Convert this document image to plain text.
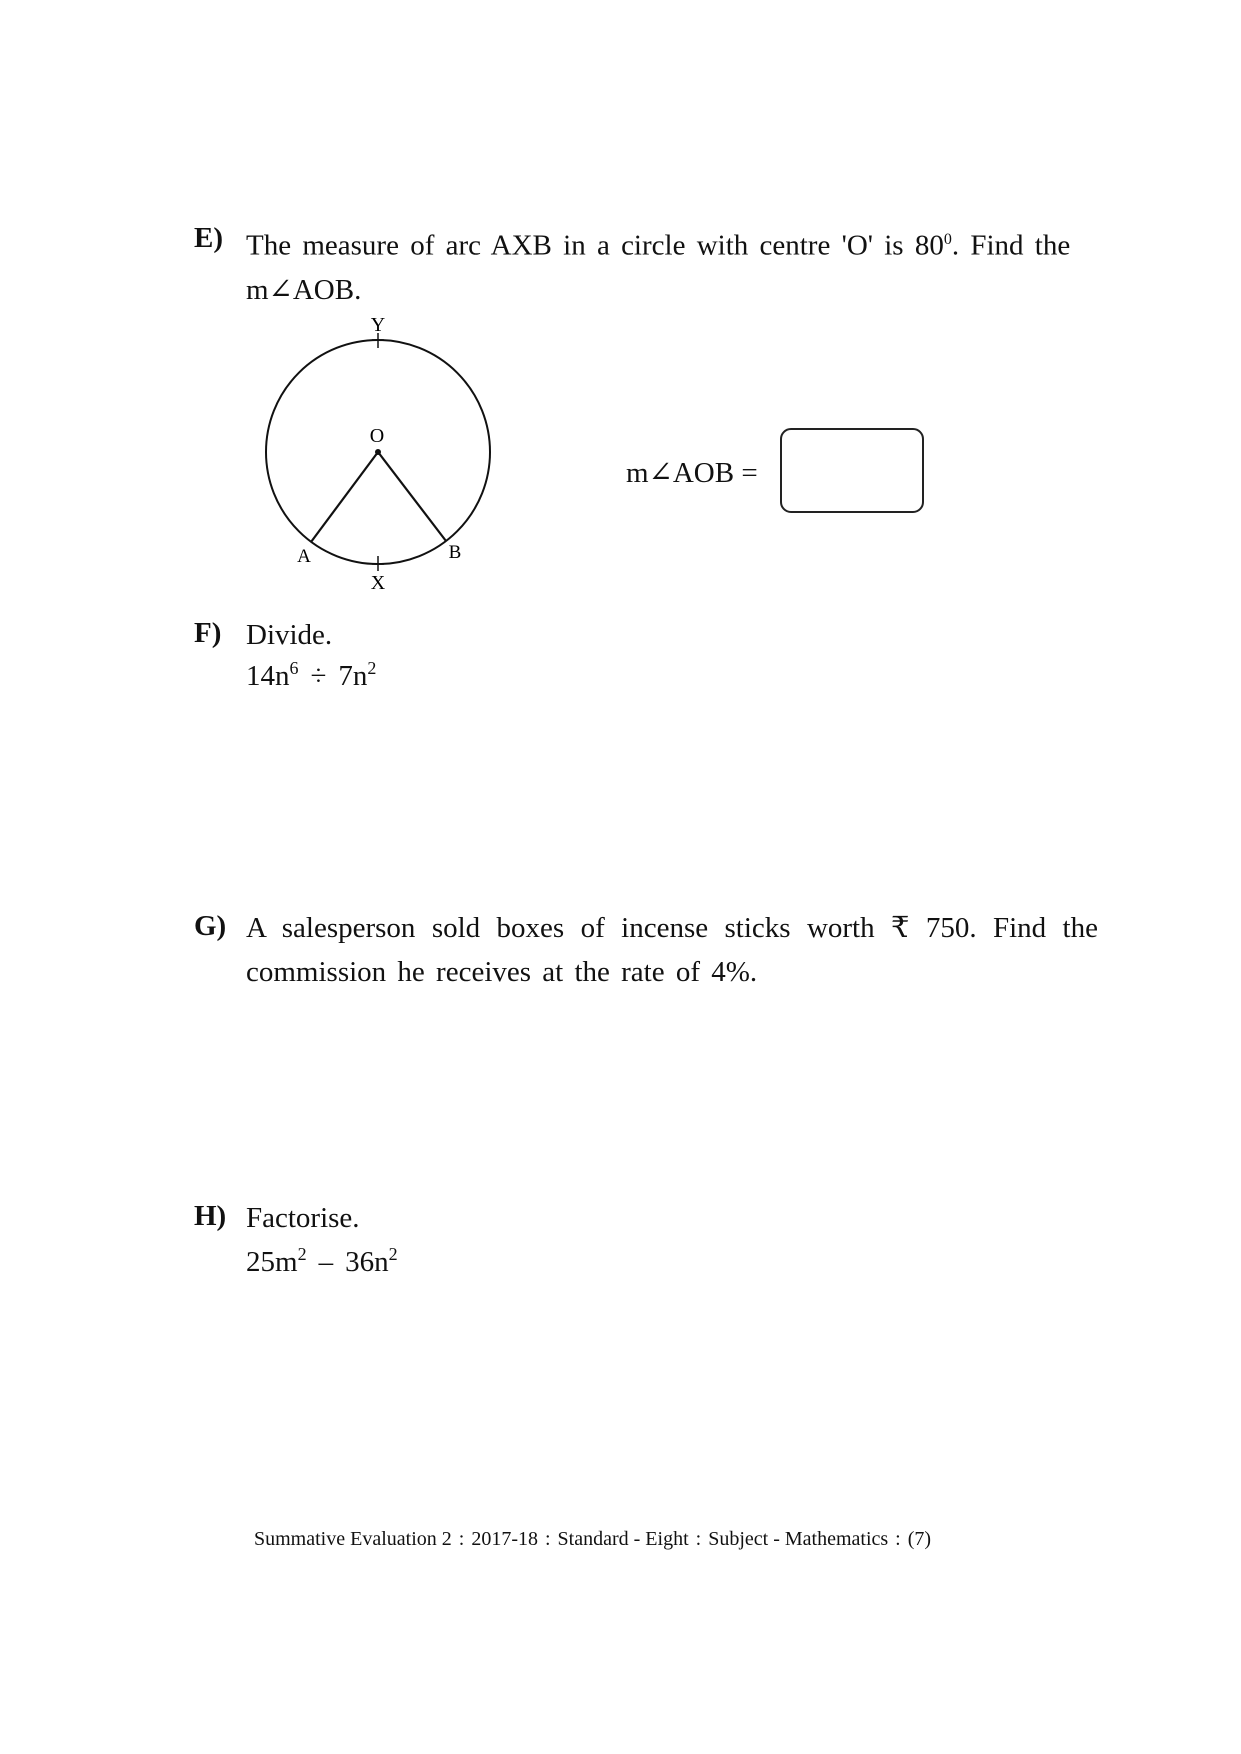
E) The measure of arc AXB in a circle with centre 'O' is $80^0$. Find the
m∠AOB.
Y
O
A	B
X
m∠AOB =
F) Divide.
$14n^6 \div 7n^2$
G) A salesperson sold boxes of incense sticks worth ₹ 750. Find the commission he receives at the rate of 4%.
H) Factorise.
$25m^2 - 36n^2$
Summative Evaluation 2 : 2017-18 : Standard - Eight : Subject - Mathematics : (7)
